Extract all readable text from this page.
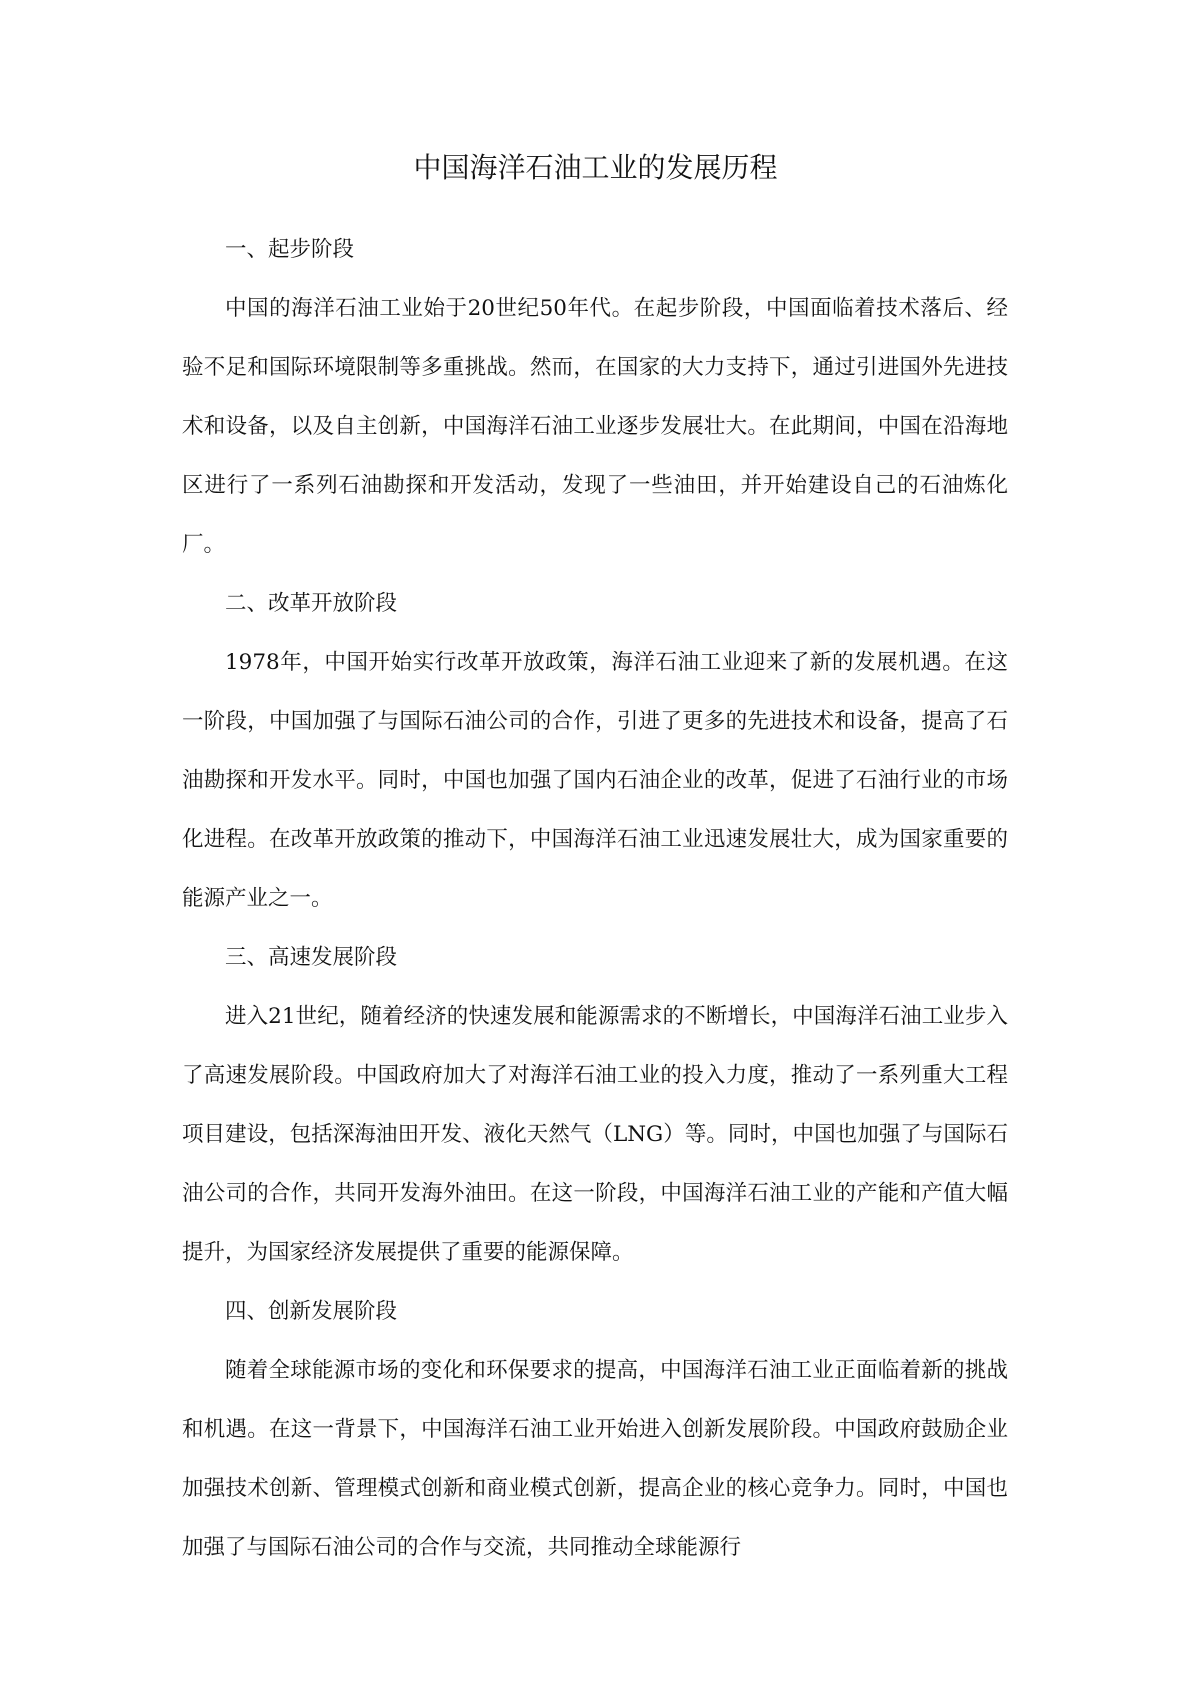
中国海洋石油工业的发展历程

一、起步阶段

中国的海洋石油工业始于20世纪50年代。在起步阶段，中国面临着技术落后、经验不足和国际环境限制等多重挑战。然而，在国家的大力支持下，通过引进国外先进技术和设备，以及自主创新，中国海洋石油工业逐步发展壮大。在此期间，中国在沿海地区进行了一系列石油勘探和开发活动，发现了一些油田，并开始建设自己的石油炼化厂。

二、改革开放阶段

1978年，中国开始实行改革开放政策，海洋石油工业迎来了新的发展机遇。在这一阶段，中国加强了与国际石油公司的合作，引进了更多的先进技术和设备，提高了石油勘探和开发水平。同时，中国也加强了国内石油企业的改革，促进了石油行业的市场化进程。在改革开放政策的推动下，中国海洋石油工业迅速发展壮大，成为国家重要的能源产业之一。

三、高速发展阶段

进入21世纪，随着经济的快速发展和能源需求的不断增长，中国海洋石油工业步入了高速发展阶段。中国政府加大了对海洋石油工业的投入力度，推动了一系列重大工程项目建设，包括深海油田开发、液化天然气（LNG）等。同时，中国也加强了与国际石油公司的合作，共同开发海外油田。在这一阶段，中国海洋石油工业的产能和产值大幅提升，为国家经济发展提供了重要的能源保障。

四、创新发展阶段

随着全球能源市场的变化和环保要求的提高，中国海洋石油工业正面临着新的挑战和机遇。在这一背景下，中国海洋石油工业开始进入创新发展阶段。中国政府鼓励企业加强技术创新、管理模式创新和商业模式创新，提高企业的核心竞争力。同时，中国也加强了与国际石油公司的合作与交流，共同推动全球能源行
